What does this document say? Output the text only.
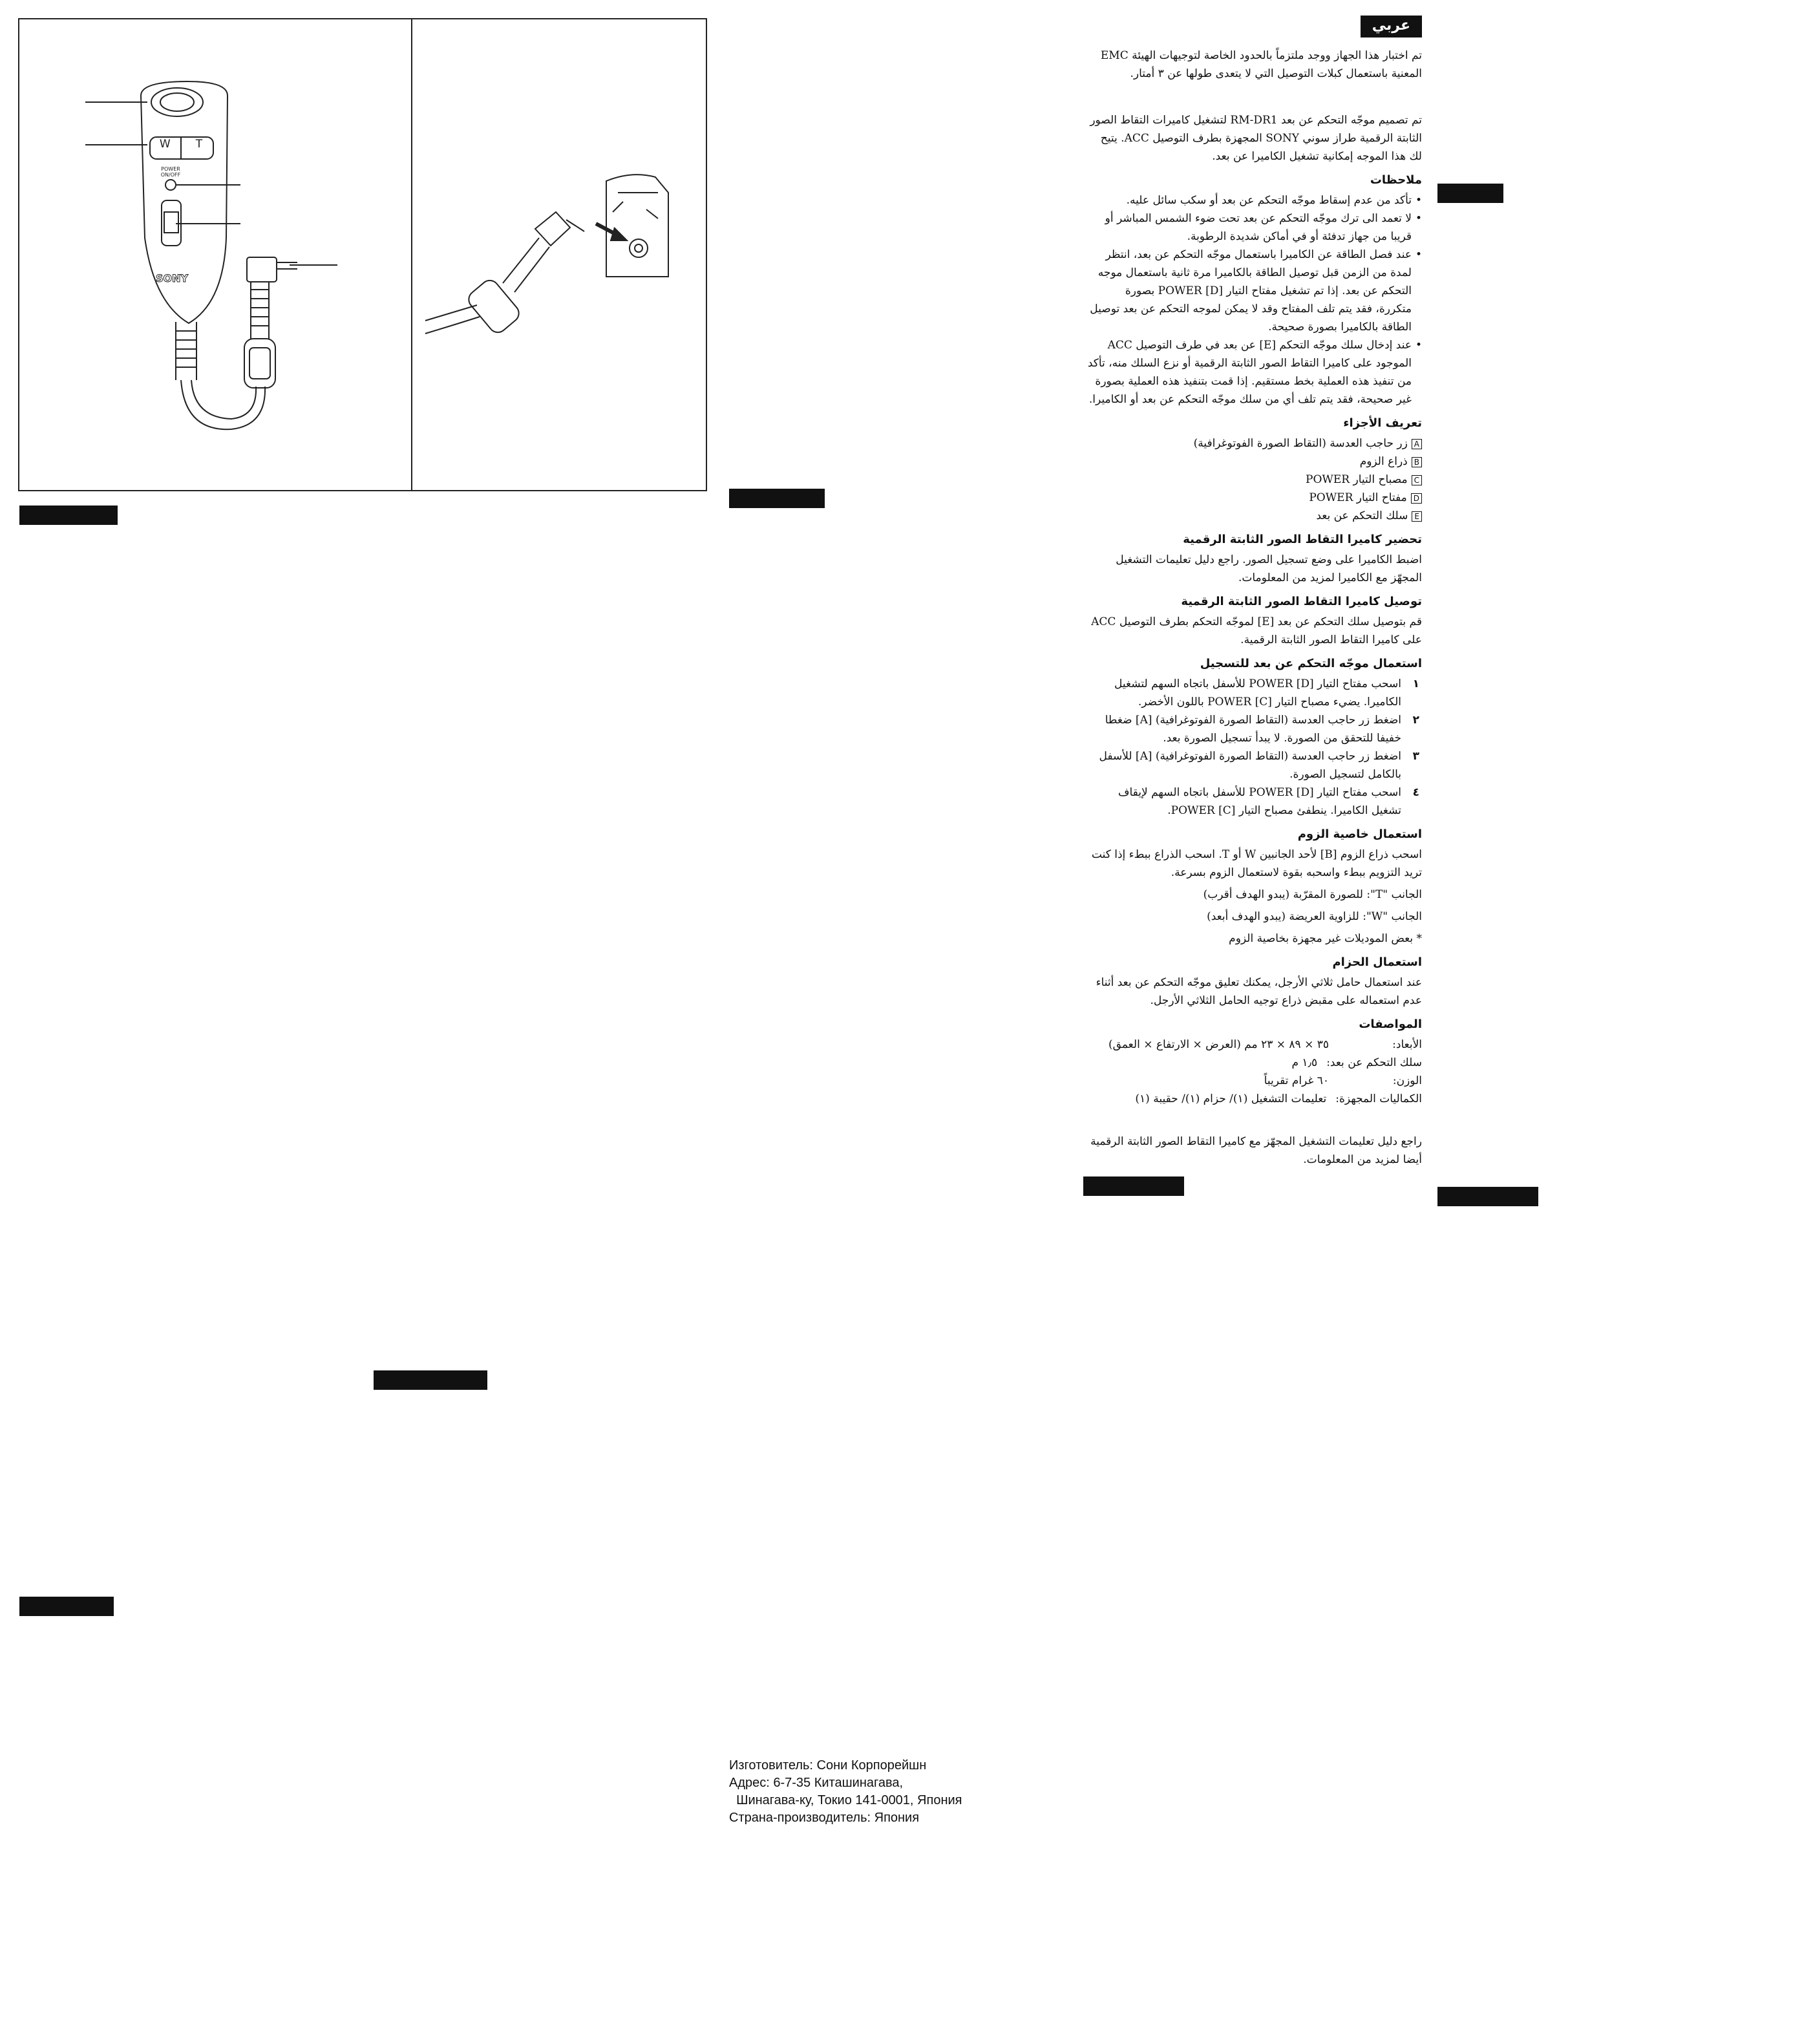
W T
POWER ON/OFF
SONY
عربي

تم اختبار هذا الجهاز ووجد ملتزماً بالحدود الخاصة لتوجيهات الهيئة EMC المعنية باستعمال كبلات التوصيل التي لا يتعدى طولها عن ٣ أمتار.

تم تصميم موجّه التحكم عن بعد RM-DR1 لتشغيل كاميرات التقاط الصور الثابتة الرقمية طراز سوني SONY المجهزة بطرف التوصيل ACC. يتيح لك هذا الموجه إمكانية تشغيل الكاميرا عن بعد.

ملاحظات
• تأكد من عدم إسقاط موجّه التحكم عن بعد أو سكب سائل عليه.
• لا تعمد الى ترك موجّه التحكم عن بعد تحت ضوء الشمس المباشر أو قريبا من جهاز تدفئة أو في أماكن شديدة الرطوبة.
• عند فصل الطاقة عن الكاميرا باستعمال موجّه التحكم عن بعد، انتظر لمدة من الزمن قبل توصيل الطاقة بالكاميرا مرة ثانية باستعمال موجه التحكم عن بعد. إذا تم تشغيل مفتاح التيار POWER [D] بصورة متكررة، فقد يتم تلف المفتاح وقد لا يمكن لموجه التحكم عن بعد توصيل الطاقة بالكاميرا بصورة صحيحة.
• عند إدخال سلك موجّه التحكم [E] عن بعد في طرف التوصيل ACC الموجود على كاميرا التقاط الصور الثابتة الرقمية أو نزع السلك منه، تأكد من تنفيذ هذه العملية بخط مستقيم. إذا قمت بتنفيذ هذه العملية بصورة غير صحيحة، فقد يتم تلف أي من سلك موجّه التحكم عن بعد أو الكاميرا.
تعريف الأجزاء
Aزر حاجب العدسة (التقاط الصورة الفوتوغرافية)
Bذراع الزوم
Cمصباح التيار POWER
Dمفتاح التيار POWER
Eسلك التحكم عن بعد
تحضير كاميرا التقاط الصور الثابتة الرقمية

اضبط الكاميرا على وضع تسجيل الصور. راجع دليل تعليمات التشغيل المجهّز مع الكاميرا لمزيد من المعلومات.

توصيل كاميرا التقاط الصور الثابتة الرقمية

قم بتوصيل سلك التحكم عن بعد [E] لموجّه التحكم بطرف التوصيل ACC على كاميرا التقاط الصور الثابتة الرقمية.

استعمال موجّه التحكم عن بعد للتسجيل
١
اسحب مفتاح التيار POWER [D] للأسفل باتجاه السهم لتشغيل الكاميرا. يضيء مصباح التيار POWER [C] باللون الأخضر.
٢
اضغط زر حاجب العدسة (التقاط الصورة الفوتوغرافية) [A] ضغطا خفيفا للتحقق من الصورة. لا يبدأ تسجيل الصورة بعد.
٣
اضغط زر حاجب العدسة (التقاط الصورة الفوتوغرافية) [A] للأسفل بالكامل لتسجيل الصورة.
٤
اسحب مفتاح التيار POWER [D] للأسفل باتجاه السهم لإيقاف تشغيل الكاميرا. ينطفئ مصباح التيار POWER [C].
استعمال خاصية الزوم

اسحب ذراع الزوم [B] لأحد الجانبين W أو T. اسحب الذراع ببطء إذا كنت تريد التزويم ببطء واسحبه بقوة لاستعمال الزوم بسرعة.

الجانب "T": للصورة المقرّبة (يبدو الهدف أقرب)

الجانب "W": للزاوية العريضة (يبدو الهدف أبعد)

* بعض الموديلات غير مجهزة بخاصية الزوم

استعمال الحزام

عند استعمال حامل ثلاثي الأرجل، يمكنك تعليق موجّه التحكم عن بعد أثناء عدم استعماله على مقبض ذراع توجيه الحامل الثلاثي الأرجل.

المواصفات
الأبعاد:
٣٥ × ٨٩ × ٢٣ مم (العرض × الارتفاع × العمق)
سلك التحكم عن بعد:
١٫٥ م
الوزن:
٦٠ غرام تقريباً
الكماليات المجهزة:
تعليمات التشغيل (١)/ حزام (١)/ حقيبة (١)

راجع دليل تعليمات التشغيل المجهّز مع كاميرا التقاط الصور الثابتة الرقمية أيضا لمزيد من المعلومات.

Изготовитель: Сони Корпорейшн
Адрес: 6-7-35 Киташинагава,
Шинагава-ку, Токио 141-0001, Япония
Страна-производитель: Япония
